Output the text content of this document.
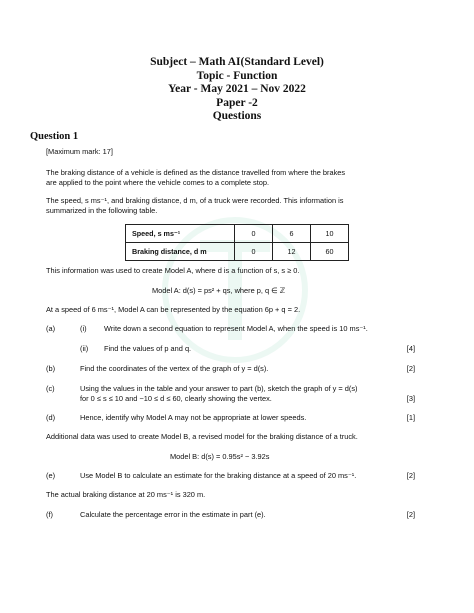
Subject – Math AI(Standard Level)
Topic - Function
Year - May 2021 – Nov 2022
Paper -2
Questions
Question 1
[Maximum mark: 17]
The braking distance of a vehicle is defined as the distance travelled from where the brakes
are applied to the point where the vehicle comes to a complete stop.
The speed, s ms⁻¹, and braking distance, d m, of a truck were recorded. This information is
summarized in the following table.
Speed, s ms⁻¹	0	6	10
Braking distance, d m	0	12	60
This information was used to create Model A, where d is a function of s, s ≥ 0.
Model A: d(s) = ps² + qs, where p, q ∈ ℤ
At a speed of 6 ms⁻¹, Model A can be represented by the equation 6p + q = 2.
(a)	(i) Write down a second equation to represent Model A, when the speed is 10 ms⁻¹.
(ii) Find the values of p and q.	[4]
(b)	Find the coordinates of the vertex of the graph of y = d(s).	[2]
(c)	Using the values in the table and your answer to part (b), sketch the graph of y = d(s)
for 0 ≤ s ≤ 10 and −10 ≤ d ≤ 60, clearly showing the vertex.	[3]
(d)	Hence, identify why Model A may not be appropriate at lower speeds.	[1]
Additional data was used to create Model B, a revised model for the braking distance of a truck.
Model B: d(s) = 0.95s² − 3.92s
(e)	Use Model B to calculate an estimate for the braking distance at a speed of 20 ms⁻¹.	[2]
The actual braking distance at 20 ms⁻¹ is 320 m.
(f)	Calculate the percentage error in the estimate in part (e).	[2]
